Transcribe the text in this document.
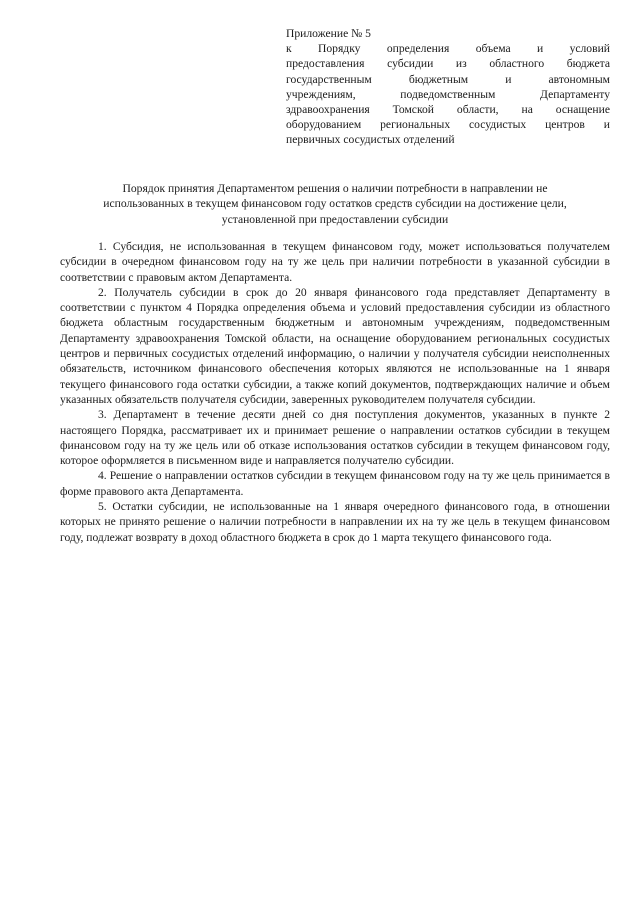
Приложение № 5

к Порядку определения объема и условий

предоставления субсидии из областного бюджета

государственным бюджетным и автономным

учреждениям, подведомственным Департаменту

здравоохранения Томской области, на оснащение

оборудованием региональных сосудистых центров и

первичных сосудистых отделений

Порядок принятия Департаментом решения о наличии потребности в направлении не

использованных в текущем финансовом году остатков средств субсидии на достижение цели,

установленной при предоставлении субсидии

1. Субсидия, не использованная в текущем финансовом году, может использоваться получателем субсидии в очередном финансовом году на ту же цель при наличии потребности в указанной субсидии в соответствии с правовым актом Департамента.

2. Получатель субсидии в срок до 20 января финансового года представляет Департаменту в соответствии с пунктом 4 Порядка определения объема и условий предоставления субсидии из областного бюджета областным государственным бюджетным и автономным учреждениям, подведомственным Департаменту здравоохранения Томской области, на оснащение оборудованием региональных сосудистых центров и первичных сосудистых отделений информацию, о наличии у получателя субсидии неисполненных обязательств, источником финансового обеспечения которых являются не использованные на 1 января текущего финансового года остатки субсидии, а также копий документов, подтверждающих наличие и объем указанных обязательств получателя субсидии, заверенных руководителем получателя субсидии.

3. Департамент в течение десяти дней со дня поступления документов, указанных в пункте 2 настоящего Порядка, рассматривает их и принимает решение о направлении остатков субсидии в текущем финансовом году на ту же цель или об отказе использования остатков субсидии в текущем финансовом году, которое оформляется в письменном виде и направляется получателю субсидии.

4. Решение о направлении остатков субсидии в текущем финансовом году на ту же цель принимается в форме правового акта Департамента.

5. Остатки субсидии, не использованные на 1 января очередного финансового года, в отношении которых не принято решение о наличии потребности в направлении их на ту же цель в текущем финансовом году, подлежат возврату в доход областного бюджета в срок до 1 марта текущего финансового года.
